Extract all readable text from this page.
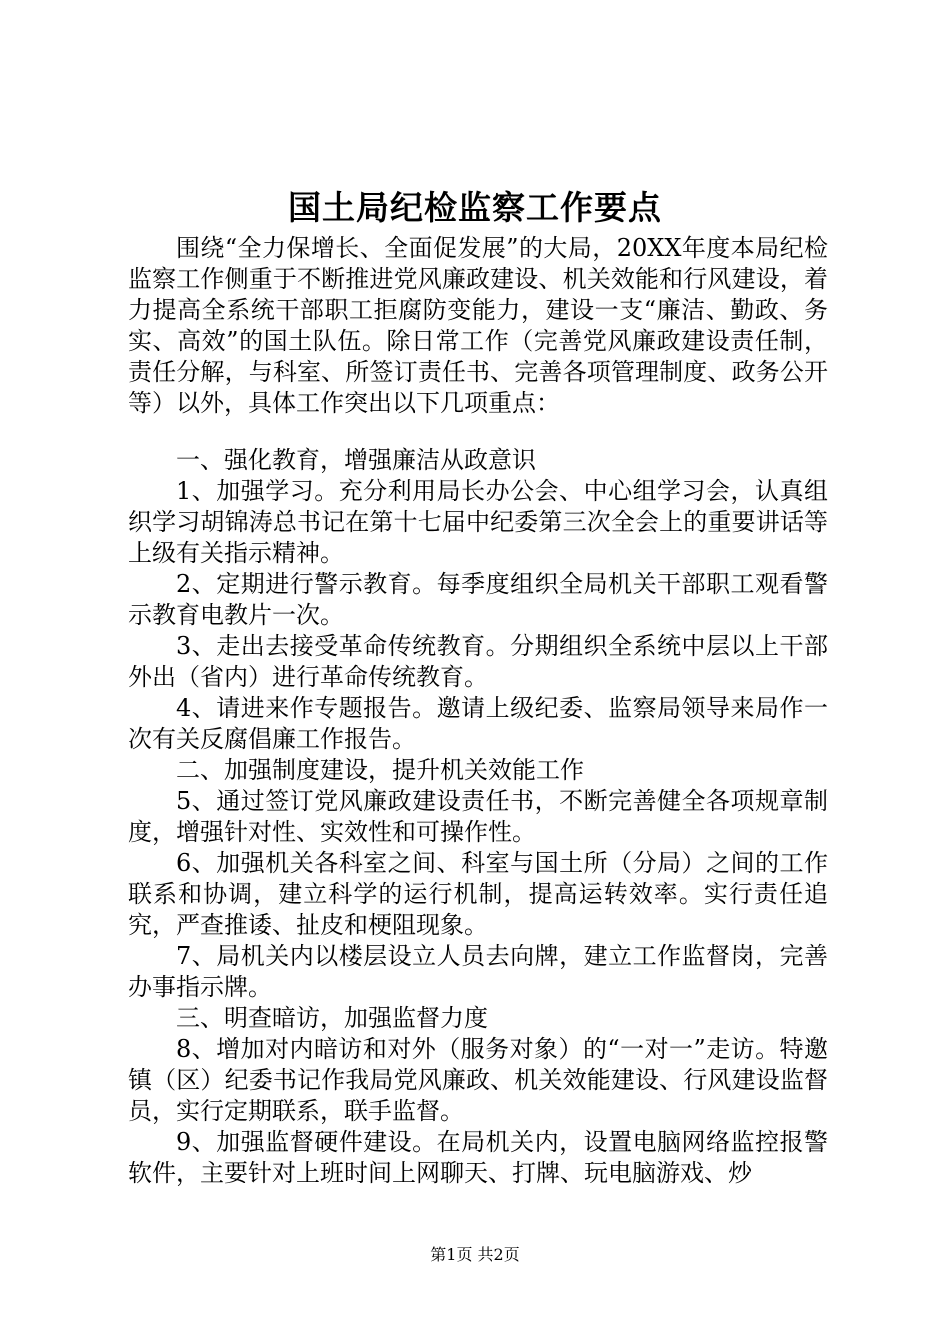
国土局纪检监察工作要点

围绕“全力保增长、全面促发展”的大局，20XX年度本局纪检监察工作侧重于不断推进党风廉政建设、机关效能和行风建设，着力提高全系统干部职工拒腐防变能力，建设一支“廉洁、勤政、务实、高效”的国土队伍。除日常工作（完善党风廉政建设责任制，责任分解，与科室、所签订责任书、完善各项管理制度、政务公开等）以外，具体工作突出以下几项重点：

一、强化教育，增强廉洁从政意识

1、加强学习。充分利用局长办公会、中心组学习会，认真组织学习胡锦涛总书记在第十七届中纪委第三次全会上的重要讲话等上级有关指示精神。

2、定期进行警示教育。每季度组织全局机关干部职工观看警示教育电教片一次。

3、走出去接受革命传统教育。分期组织全系统中层以上干部外出（省内）进行革命传统教育。

4、请进来作专题报告。邀请上级纪委、监察局领导来局作一次有关反腐倡廉工作报告。

二、加强制度建设，提升机关效能工作

5、通过签订党风廉政建设责任书，不断完善健全各项规章制度，增强针对性、实效性和可操作性。

6、加强机关各科室之间、科室与国土所（分局）之间的工作联系和协调，建立科学的运行机制，提高运转效率。实行责任追究，严查推诿、扯皮和梗阻现象。

7、局机关内以楼层设立人员去向牌，建立工作监督岗，完善办事指示牌。

三、明查暗访，加强监督力度

8、增加对内暗访和对外（服务对象）的“一对一”走访。特邀镇（区）纪委书记作我局党风廉政、机关效能建设、行风建设监督员，实行定期联系，联手监督。

9、加强监督硬件建设。在局机关内，设置电脑网络监控报警软件，主要针对上班时间上网聊天、打牌、玩电脑游戏、炒

第1页 共2页
